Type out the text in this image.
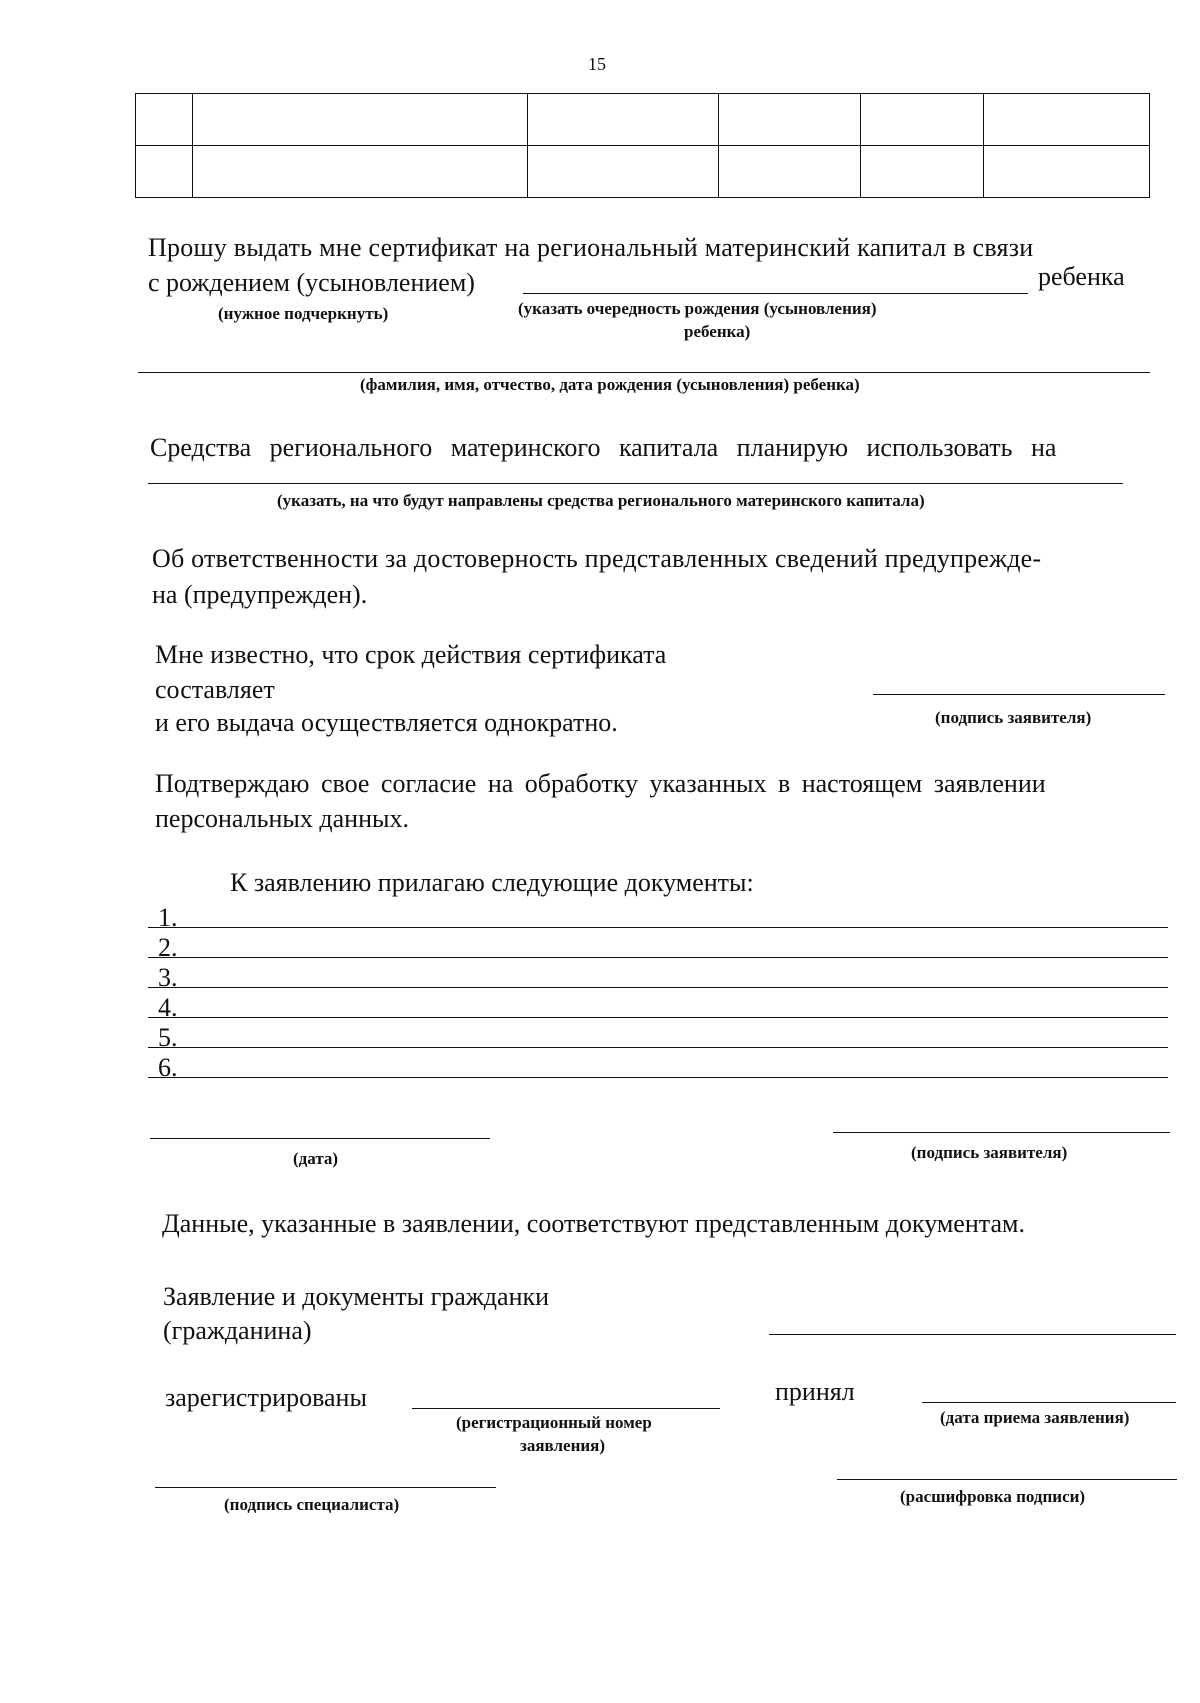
15

Прошу выдать мне сертификат на региональный материнский капитал в связи
с рождением (усыновлением)	ребенка
(нужное подчеркнуть)	(указать очередность рождения (усыновления)
ребенка)
(фамилия, имя, отчество, дата рождения (усыновления) ребенка)
Средства регионального материнского капитала планирую использовать на
(указать, на что будут направлены средства регионального материнского капитала)
Об ответственности за достоверность представленных сведений предупрежде-
на (предупрежден).
Мне известно, что срок действия сертификата
составляет
и его выдача осуществляется однократно.	(подпись заявителя)
Подтверждаю свое согласие на обработку указанных в настоящем заявлении
персональных данных.
К заявлению прилагаю следующие документы:
1.
2.
3.
4.
5.
6.
(дата)	(подпись заявителя)
Данные, указанные в заявлении, соответствуют представленным документам.
Заявление и документы гражданки
(гражданина)
зарегистрированы
(регистрационный номер
заявления)
принял
(дата приема заявления)
(подпись специалиста)	(расшифровка подписи)
